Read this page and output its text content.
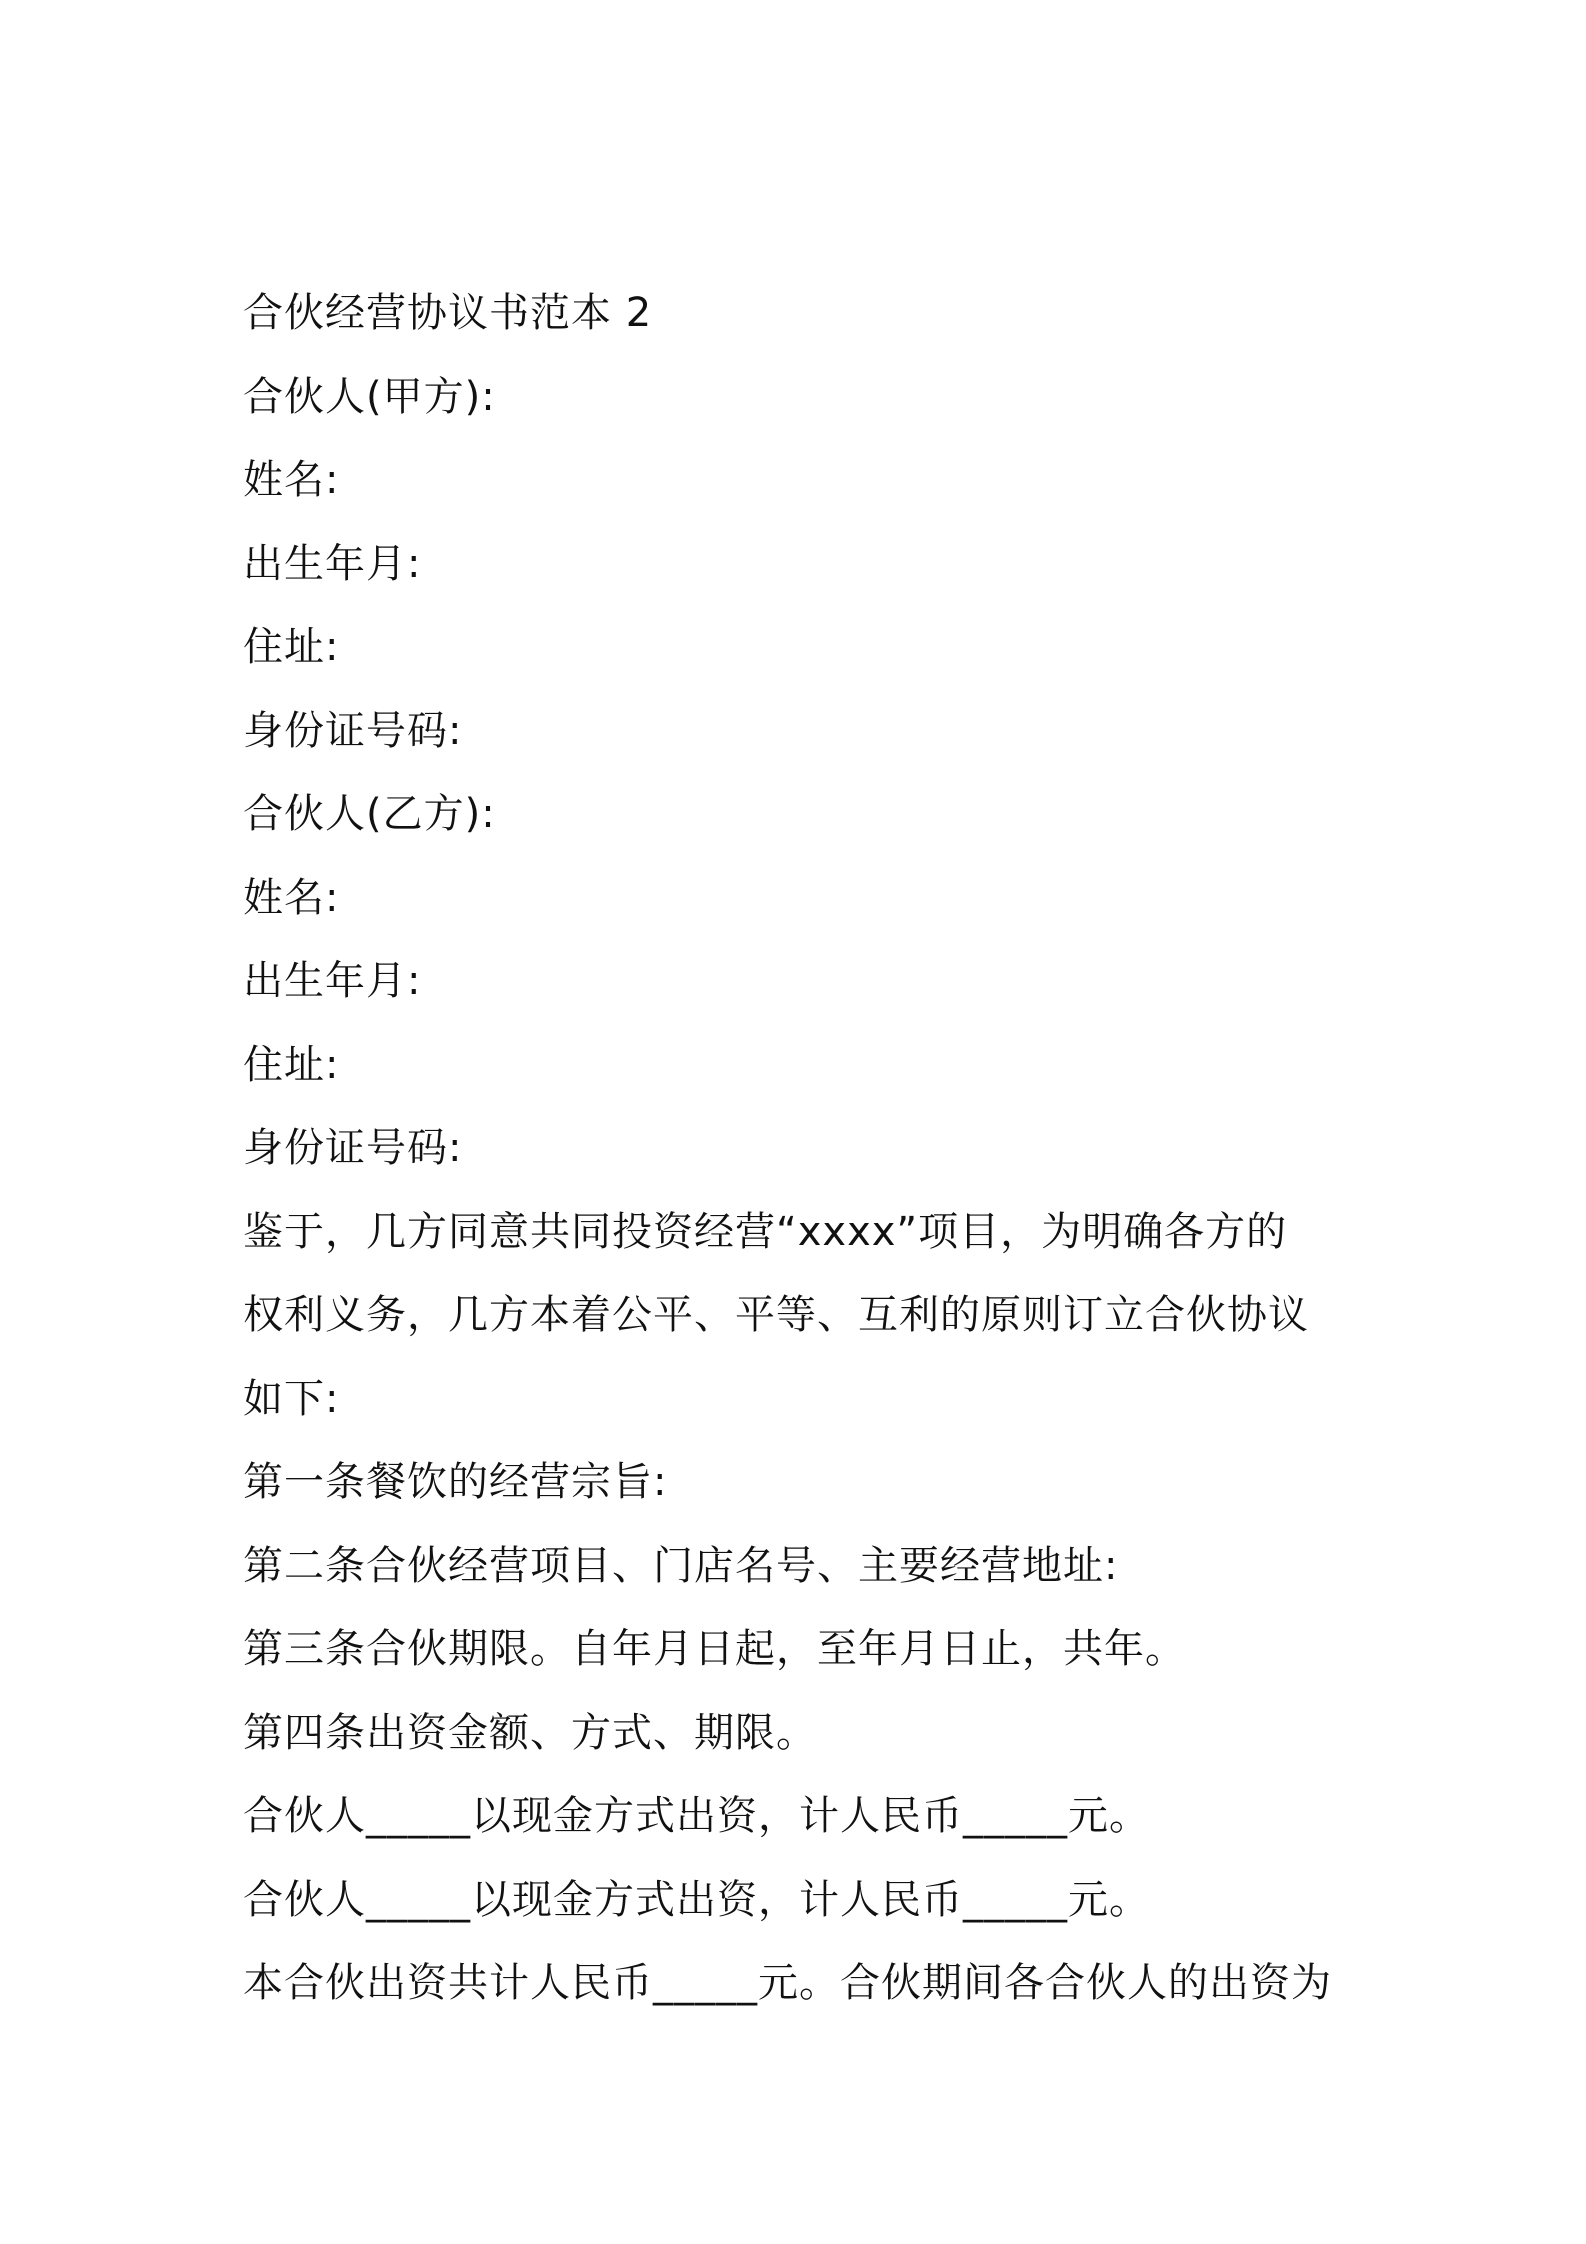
合伙经营协议书范本 2
合伙人(甲方):
姓名:
出生年月:
住址:
身份证号码:
合伙人(乙方):
姓名:
出生年月:
住址:
身份证号码:
鉴于，几方同意共同投资经营“xxxx”项目，为明确各方的
权利义务，几方本着公平、平等、互利的原则订立合伙协议
如下:
第一条餐饮的经营宗旨:
第二条合伙经营项目、门店名号、主要经营地址:
第三条合伙期限。自年月日起，至年月日止，共年。
第四条出资金额、方式、期限。
合伙人_____以现金方式出资，计人民币_____元。
合伙人_____以现金方式出资，计人民币_____元。
本合伙出资共计人民币_____元。合伙期间各合伙人的出资为
